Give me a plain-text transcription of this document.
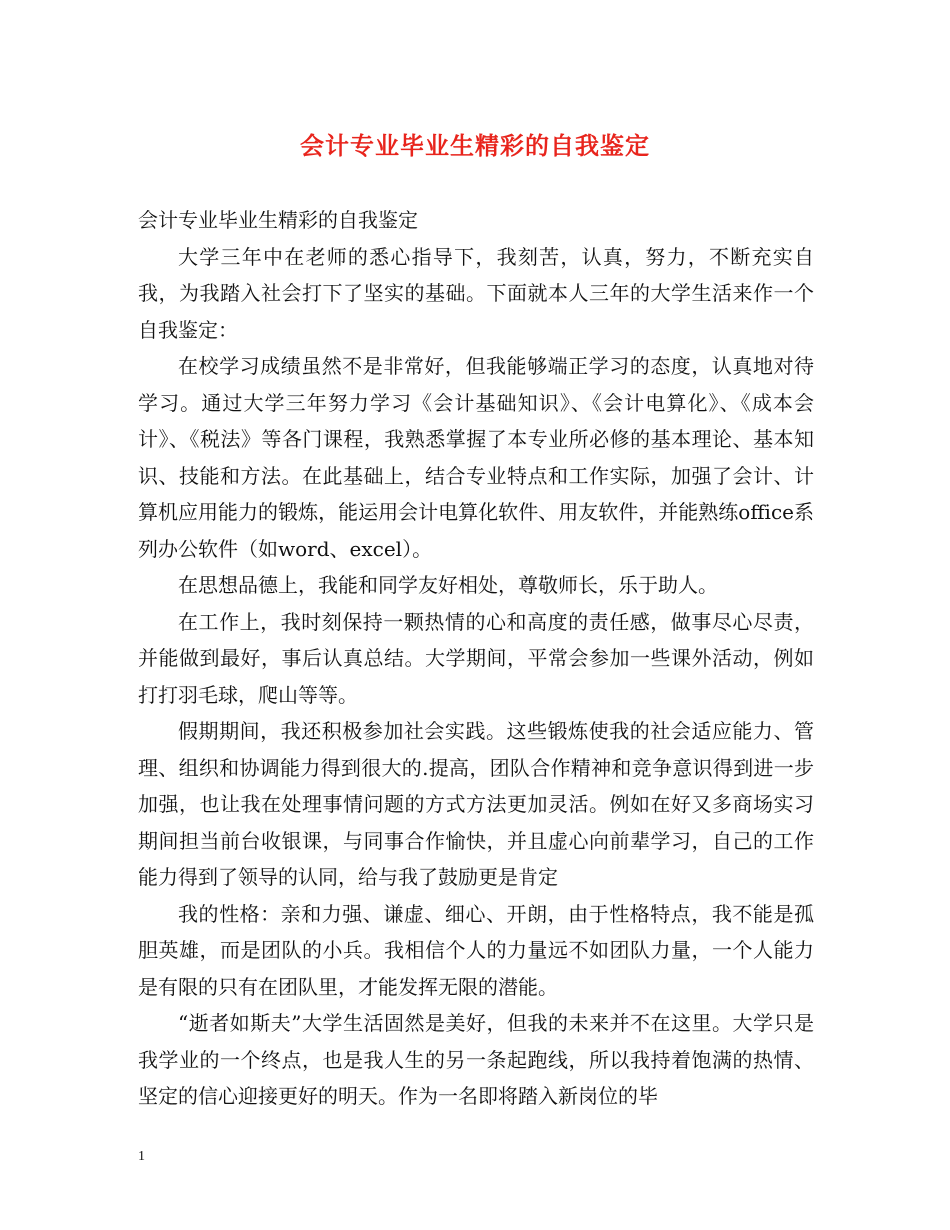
会计专业毕业生精彩的自我鉴定

会计专业毕业生精彩的自我鉴定

大学三年中在老师的悉心指导下，我刻苦，认真，努力，不断充实自我，为我踏入社会打下了坚实的基础。下面就本人三年的大学生活来作一个自我鉴定：

在校学习成绩虽然不是非常好，但我能够端正学习的态度，认真地对待学习。通过大学三年努力学习《会计基础知识》、《会计电算化》、《成本会计》、《税法》等各门课程，我熟悉掌握了本专业所必修的基本理论、基本知识、技能和方法。在此基础上，结合专业特点和工作实际，加强了会计、计算机应用能力的锻炼，能运用会计电算化软件、用友软件，并能熟练office系列办公软件（如word、excel）。

在思想品德上，我能和同学友好相处，尊敬师长，乐于助人。

在工作上，我时刻保持一颗热情的心和高度的责任感，做事尽心尽责，并能做到最好，事后认真总结。大学期间，平常会参加一些课外活动，例如打打羽毛球，爬山等等。

假期期间，我还积极参加社会实践。这些锻炼使我的社会适应能力、管理、组织和协调能力得到很大的.提高，团队合作精神和竞争意识得到进一步加强，也让我在处理事情问题的方式方法更加灵活。例如在好又多商场实习期间担当前台收银课，与同事合作愉快，并且虚心向前辈学习，自己的工作能力得到了领导的认同，给与我了鼓励更是肯定

我的性格：亲和力强、谦虚、细心、开朗，由于性格特点，我不能是孤胆英雄，而是团队的小兵。我相信个人的力量远不如团队力量，一个人能力是有限的只有在团队里，才能发挥无限的潜能。

“逝者如斯夫”大学生活固然是美好，但我的未来并不在这里。大学只是我学业的一个终点，也是我人生的另一条起跑线，所以我持着饱满的热情、坚定的信心迎接更好的明天。作为一名即将踏入新岗位的毕

1
